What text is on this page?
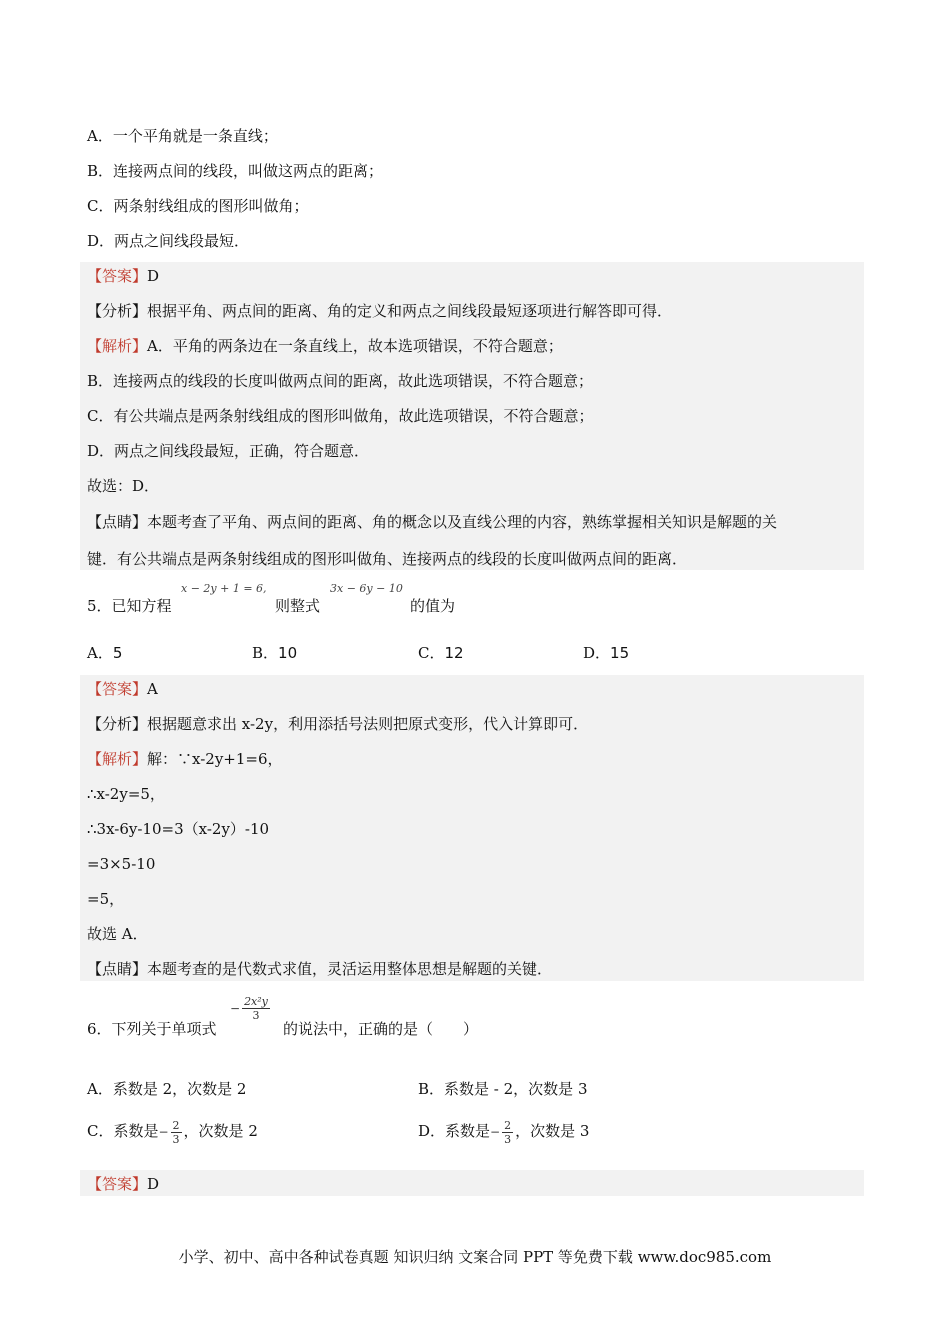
A．一个平角就是一条直线；
B．连接两点间的线段，叫做这两点的距离；
C．两条射线组成的图形叫做角；
D．两点之间线段最短．
【答案】D
【分析】根据平角、两点间的距离、角的定义和两点之间线段最短逐项进行解答即可得．
【解析】A．平角的两条边在一条直线上，故本选项错误，不符合题意；
B．连接两点的线段的长度叫做两点间的距离，故此选项错误，不符合题意；
C．有公共端点是两条射线组成的图形叫做角，故此选项错误，不符合题意；
D．两点之间线段最短，正确，符合题意．
故选：D．
【点睛】本题考查了平角、两点间的距离、角的概念以及直线公理的内容，熟练掌握相关知识是解题的关
键．有公共端点是两条射线组成的图形叫做角、连接两点的线段的长度叫做两点间的距离．
5．已知方程
x − 2y + 1 = 6,
则整式
3x − 6y − 10
的值为
A．5	B．10	C．12	D．15
【答案】A
【分析】根据题意求出 x-2y，利用添括号法则把原式变形，代入计算即可．
【解析】解：∵x-2y+1=6，
∴x-2y=5，
∴3x-6y-10=3（x-2y）-10
=3×5-10
=5，
故选 A．
【点睛】本题考查的是代数式求值，灵活运用整体思想是解题的关键．
6．下列关于单项式
− $\frac{\text{2x²y}}{3}$
的说法中，正确的是（　　）
A．系数是 2，次数是 2	B．系数是 - 2，次数是 3
C．系数是− $\frac{2}{3}$ ，次数是 2	D．系数是− $\frac{2}{3}$ ，次数是 3
【答案】D
小学、初中、高中各种试卷真题 知识归纳 文案合同 PPT 等免费下载 www.doc985.com
